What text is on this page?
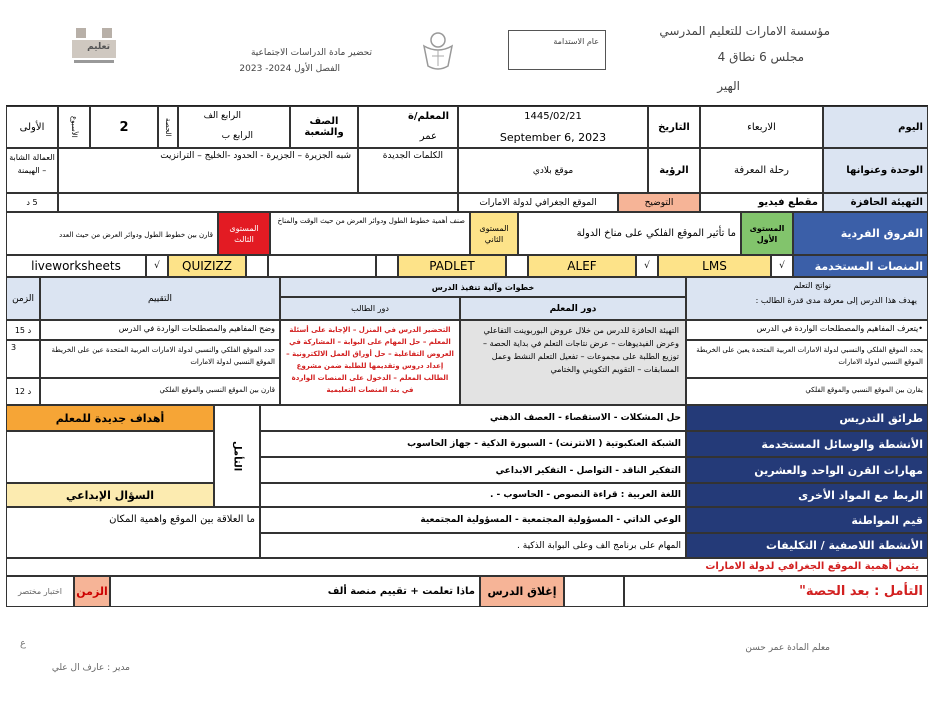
مؤسسة الامارات للتعليم المدرسي
مجلس 6 نطاق 4
الهير
عام الاستدامة
تحضير مادة الدراسات الاجتماعية
الفصل الأول 2024- 2023
تعليم
اليوم
الاربعاء
التاريخ
1445/02/21
September 6, 2023
المعلم/ة
عمر
الصف والشعبة
الرابع الف
الرابع ب
الحصة
2
الأسبوع
الأولى
الوحدة وعنوانها
رحلة المعرفة
الرؤية
موقع بلادي
الكلمات الجديدة
شبه الجزيرة – الجزيرة - الحدود -الخليج – الترانزيت
العمالة الشابة – الهيمنة
التهيئة الحافزة
مقطع فيديو
التوضيح
الموقع الجغرافي لدولة الامارات
5 د
الفروق الفردية
المستوى الأول
ما تأثير الموقع الفلكي على مناخ الدولة
المستوى الثاني
صنف أهمية خطوط الطول ودوائر العرض من حيث الوقت والمناخ
المستوى الثالث
قارن بين خطوط الطول ودوائر العرض من حيث العدد
المنصات المستخدمة
√
LMS
√
ALEF
PADLET
QUIZIZZ
√
liveworksheets
نواتج التعلم
يهدف هذا الدرس إلى معرفة مدى قدرة الطالب :
خطوات وآلية تنفيذ الدرس
دور المعلم
دور الطالب
التقييم
الزمن
•يتعرف المفاهيم والمصطلحات الواردة في الدرس
يحدد الموقع الفلكي والنسبي لدولة الامارات العربية المتحدة يعين على الخريطة الموقع النسبي لدولة الامارات
يقارن بين الموقع النسبي والموقع الفلكي
التهيئة الحافزة للدرس من خلال عروض البوربوينت التفاعلي وعرض الفيديوهات – عرض نتاجات التعلم في بداية الحصة – توزيع الطلبة على مجموعات – تفعيل التعلم النشط وعمل المسابقات – التقويم التكويني والختامي
التحضير الدرس في المنزل – الإجابة على أسئلة المعلم – حل المهام على البوابة – المشاركة في العروض التفاعلية – حل أوراق العمل الالكترونية – إعداد دروس وتقديمها للطلبة ضمن مشروع الطالب المعلم – الدخول على المنصات الواردة في بند المنصات التعليمية
وضح المفاهيم والمصطلحات الواردة في الدرس
15 د
حدد الموقع الفلكي والنسبي لدولة الامارات العربية المتحدة عين على الخريطة الموقع النسبي لدولة الامارات
3
قارن بين الموقع النسبي والموقع الفلكي
12 د
طرائق التدريس
الأنشطة والوسائل المستخدمة
مهارات القرن الواحد والعشرين
الربط مع المواد الأخرى
قيم المواطنة
الأنشطة اللاصفية / التكليفات
حل المشكلات - الاستقصاء - العصف الذهني
الشبكة العنكبوتية ( الانترنت) - السبورة الذكية - جهاز الحاسوب
التفكير الناقد - التواصل - التفكير الابداعي
اللغة العربية : قراءة النصوص - الحاسوب - .
الوعي الذاتي - المسؤولية المجتمعية - المسؤولية المجتمعية
المهام على برنامج الف وعلى البوابة الذكية .
التأمل
أهداف جديدة للمعلم
السؤال الإبداعي
ما العلاقة بين الموقع واهمية المكان
يثمن أهمية الموقع الجغرافي لدولة الامارات
التأمل : بعد الحصة"
إغلاق الدرس
ماذا تعلمت + تقييم منصة ألف
الزمن
اختبار مختصر
معلم المادة عمر حسن
مدير : عارف ال علي
ع
